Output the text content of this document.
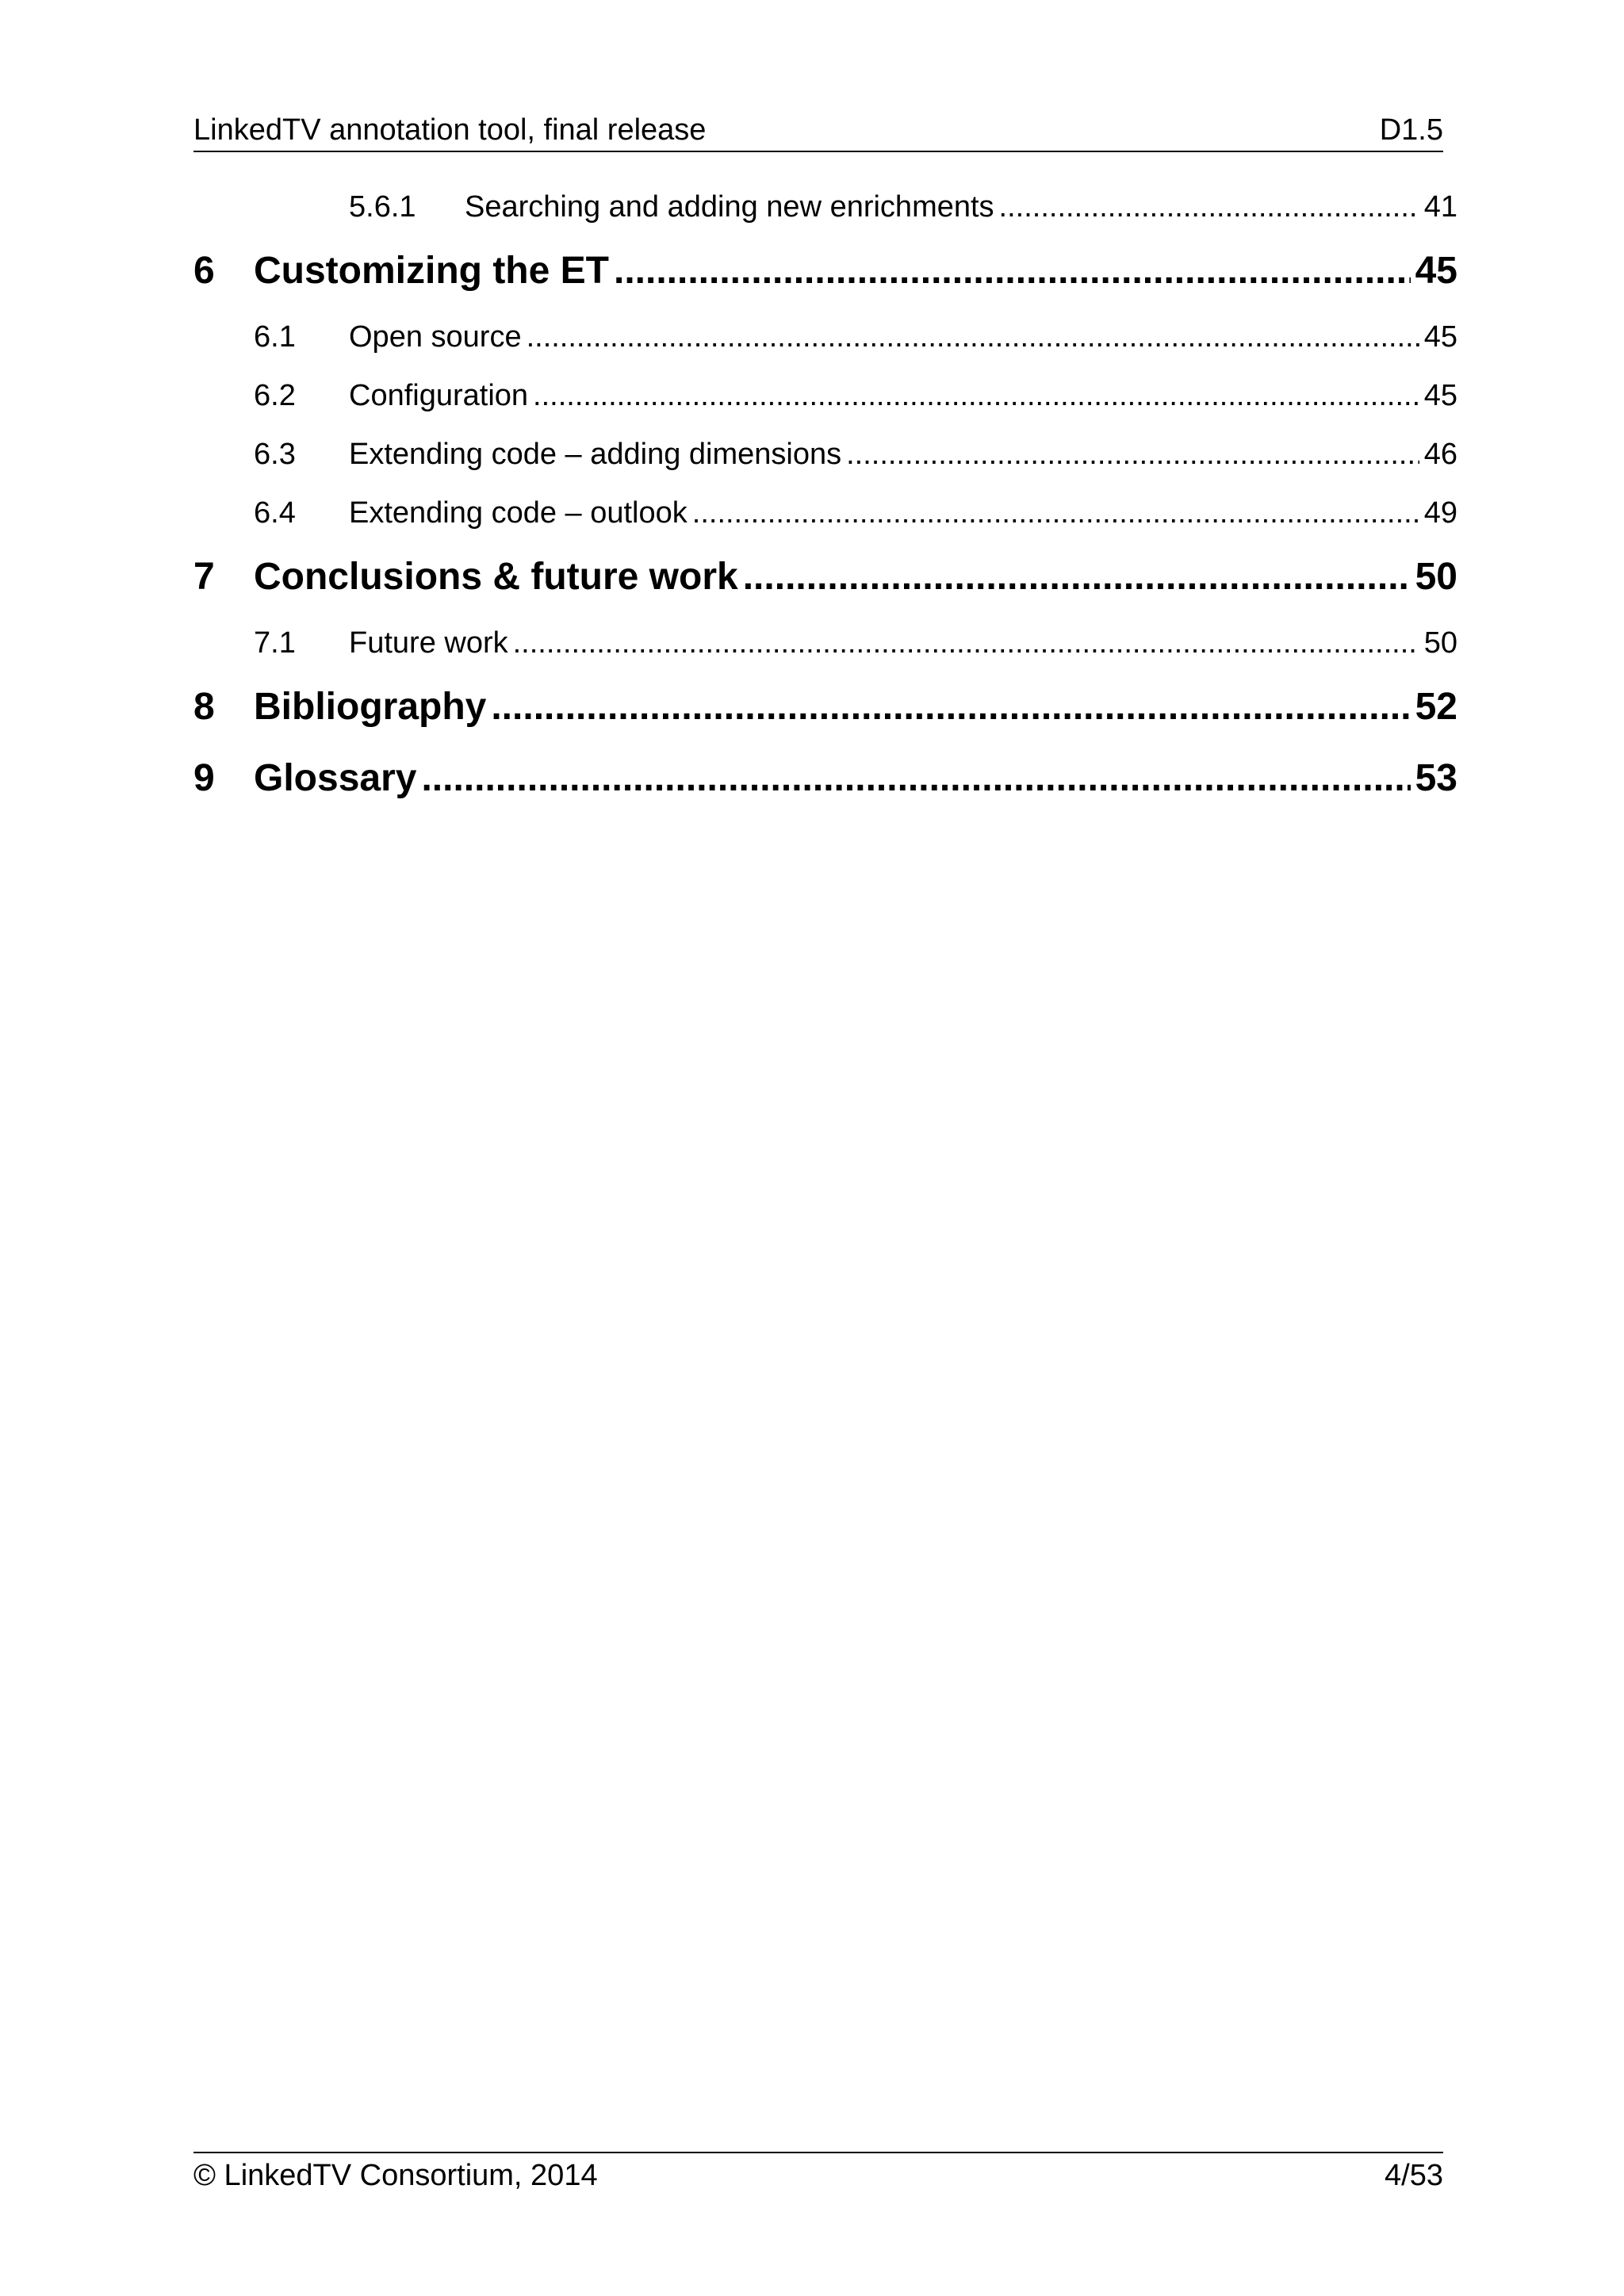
LinkedTV annotation tool, final release	D1.5
5.6.1	Searching and adding new enrichments .....	41
6	Customizing the ET .....	45
6.1	Open source .....	45
6.2	Configuration .....	45
6.3	Extending code – adding dimensions .....	46
6.4	Extending code – outlook .....	49
7	Conclusions & future work .....	50
7.1	Future work .....	50
8	Bibliography .....	52
9	Glossary .....	53
© LinkedTV Consortium, 2014	4/53
